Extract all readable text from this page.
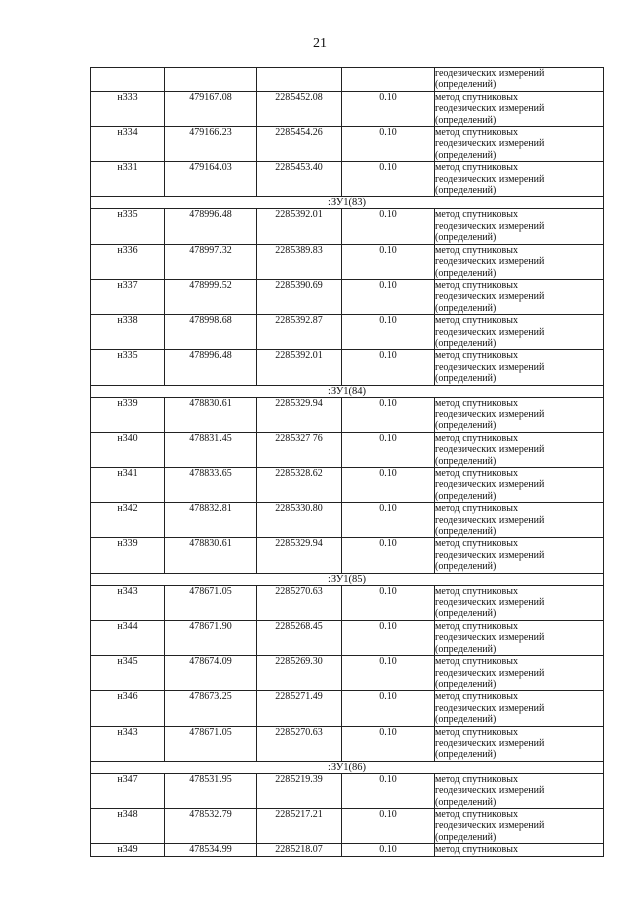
21

				геодезических измерений
(определений)

н333	479167.08	2285452.08	0.10	метод спутниковых
геодезических измерений
(определений)

н334	479166.23	2285454.26	0.10	метод спутниковых
геодезических измерений
(определений)

н331	479164.03	2285453.40	0.10	метод спутниковых
геодезических измерений
(определений)

:ЗУ1(83)				
н335	478996.48	2285392.01	0.10	метод спутниковых
геодезических измерений
(определений)

н336	478997.32	2285389.83	0.10	метод спутниковых
геодезических измерений
(определений)

н337	478999.52	2285390.69	0.10	метод спутниковых
геодезических измерений
(определений)

н338	478998.68	2285392.87	0.10	метод спутниковых
геодезических измерений
(определений)

н335	478996.48	2285392.01	0.10	метод спутниковых
геодезических измерений
(определений)

:ЗУ1(84)				
н339	478830.61	2285329.94	0.10	метод спутниковых
геодезических измерений
(определений)

н340	478831.45	2285327 76	0.10	метод спутниковых
геодезических измерений
(определений)

н341	478833.65	2285328.62	0.10	метод спутниковых
геодезических измерений
(определений)

н342	478832.81	2285330.80	0.10	метод спутниковых
геодезических измерений
(определений)

н339	478830.61	2285329.94	0.10	метод спутниковых
геодезических измерений
(определений)

:ЗУ1(85)				
н343	478671.05	2285270.63	0.10	метод спутниковых
геодезических измерений
(определений)

н344	478671.90	2285268.45	0.10	метод спутниковых
геодезических измерений
(определений)

н345	478674.09	2285269.30	0.10	метод спутниковых
геодезических измерений
(определений)

н346	478673.25	2285271.49	0.10	метод спутниковых
геодезических измерений
(определений)

н343	478671.05	2285270.63	0.10	метод спутниковых
геодезических измерений
(определений)

:ЗУ1(86)				
н347	478531.95	2285219.39	0.10	метод спутниковых
геодезических измерений
(определений)

н348	478532.79	2285217.21	0.10	метод спутниковых
геодезических измерений
(определений)

н349	478534.99	2285218.07	0.10	метод спутниковых
